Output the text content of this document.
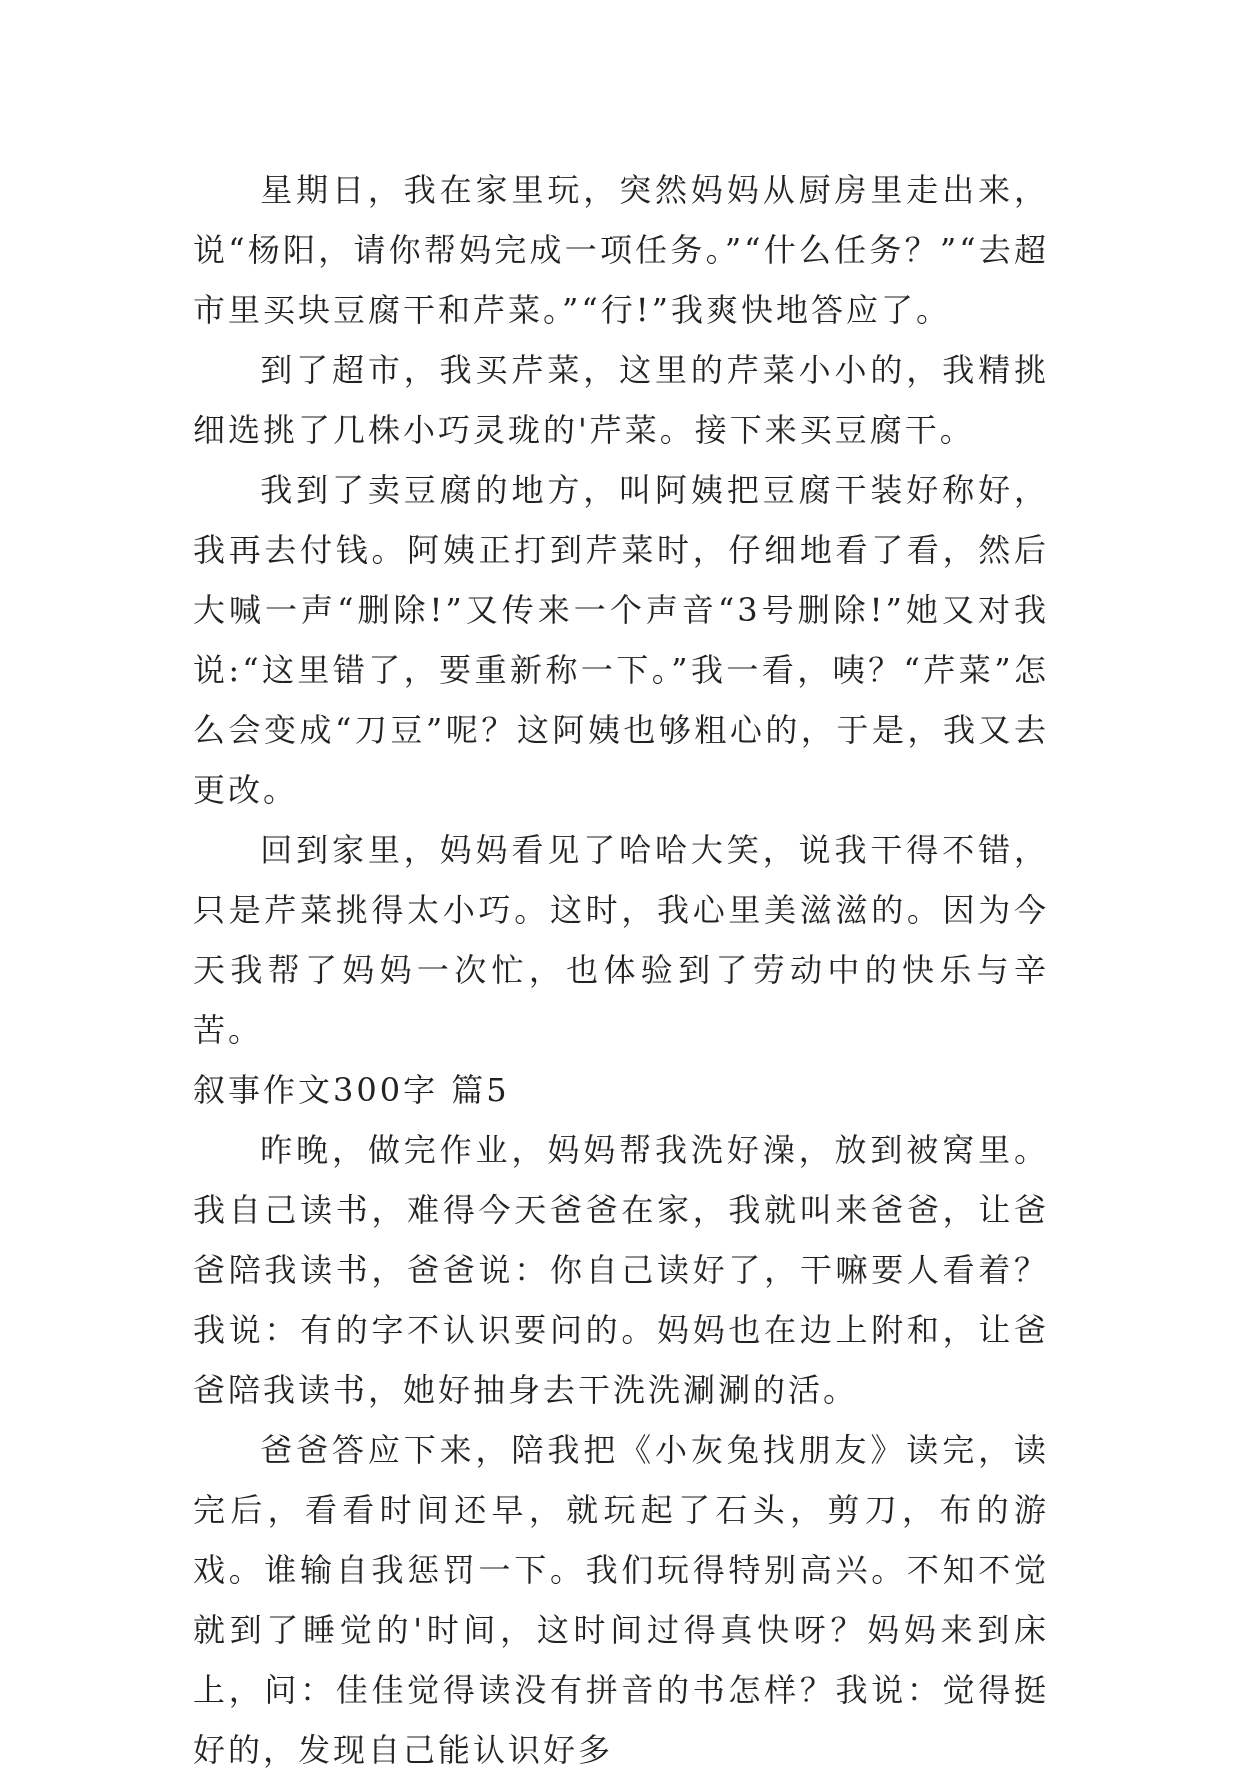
星期日，我在家里玩，突然妈妈从厨房里走出来，说“杨阳，请你帮妈完成一项任务。”“什么任务？”“去超市里买块豆腐干和芹菜。”“行!”我爽快地答应了。

到了超市，我买芹菜，这里的芹菜小小的，我精挑细选挑了几株小巧灵珑的'芹菜。接下来买豆腐干。

我到了卖豆腐的地方，叫阿姨把豆腐干装好称好，我再去付钱。阿姨正打到芹菜时，仔细地看了看，然后大喊一声“删除!”又传来一个声音“3号删除!”她又对我说:“这里错了，要重新称一下。”我一看，咦？“芹菜”怎么会变成“刀豆”呢？这阿姨也够粗心的，于是，我又去更改。

回到家里，妈妈看见了哈哈大笑，说我干得不错，只是芹菜挑得太小巧。这时，我心里美滋滋的。因为今天我帮了妈妈一次忙，也体验到了劳动中的快乐与辛苦。

叙事作文300字 篇5

昨晚，做完作业，妈妈帮我洗好澡，放到被窝里。我自己读书，难得今天爸爸在家，我就叫来爸爸，让爸爸陪我读书，爸爸说：你自己读好了，干嘛要人看着？我说：有的字不认识要问的。妈妈也在边上附和，让爸爸陪我读书，她好抽身去干洗洗涮涮的活。

爸爸答应下来，陪我把《小灰兔找朋友》读完，读完后，看看时间还早，就玩起了石头，剪刀，布的游戏。谁输自我惩罚一下。我们玩得特别高兴。不知不觉就到了睡觉的'时间，这时间过得真快呀？妈妈来到床上，问：佳佳觉得读没有拼音的书怎样？我说：觉得挺好的，发现自己能认识好多
